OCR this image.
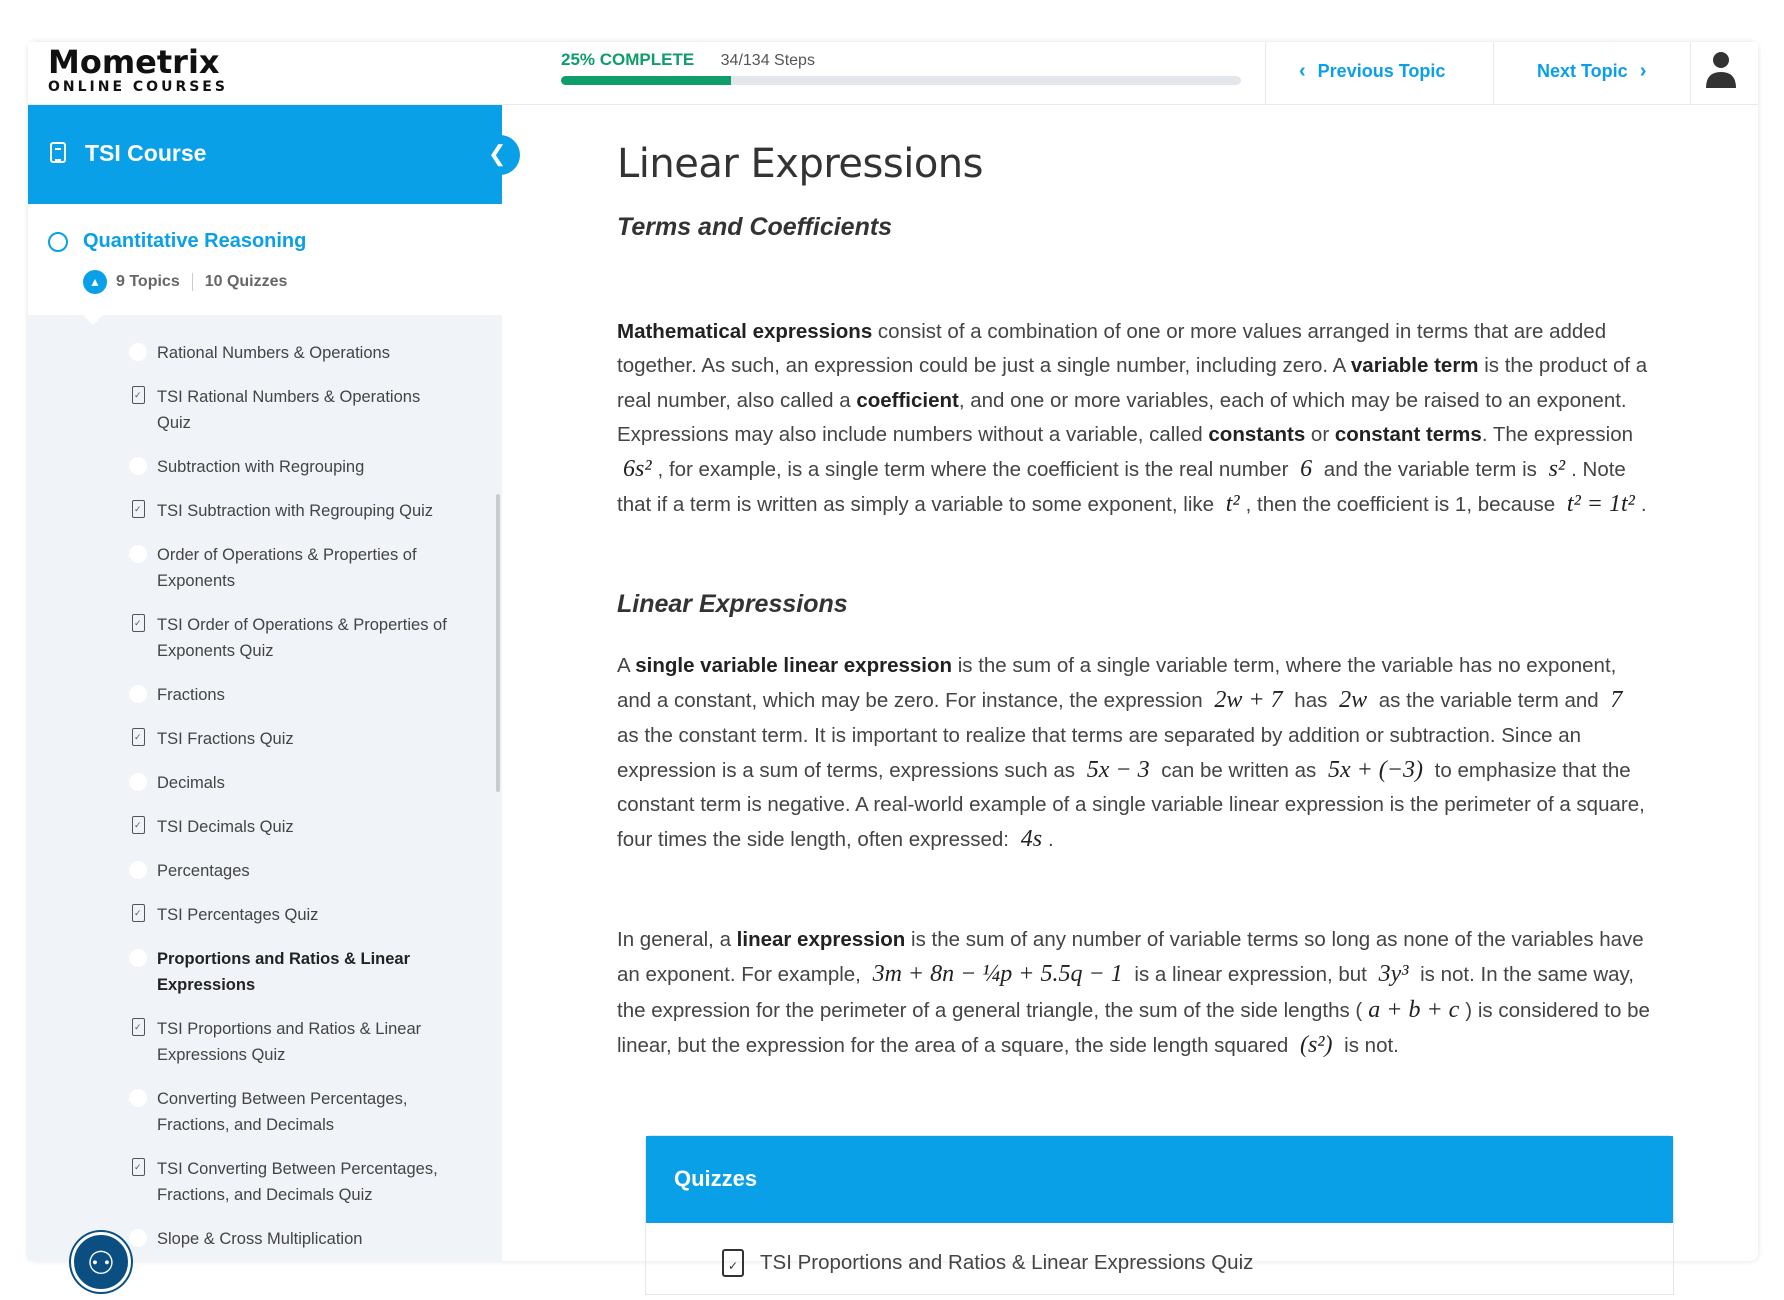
Mometrix
ONLINE COURSES
25% COMPLETE 34/134 Steps	‹ Previous Topic	Next Topic ›
TSI Course	❮
Quantitative Reasoning
▲ 9 Topics 10 Quizzes
Rational Numbers & Operations
✓
TSI Rational Numbers & Operations Quiz
Subtraction with Regrouping
✓
TSI Subtraction with Regrouping Quiz
Order of Operations & Properties of Exponents
✓
TSI Order of Operations & Properties of Exponents Quiz
Fractions
✓
TSI Fractions Quiz
Decimals
✓
TSI Decimals Quiz
Percentages
✓
TSI Percentages Quiz
Proportions and Ratios & Linear Expressions
✓
TSI Proportions and Ratios & Linear Expressions Quiz
Converting Between Percentages, Fractions, and Decimals
✓
TSI Converting Between Percentages, Fractions, and Decimals Quiz
Slope & Cross Multiplication
⚇
Linear Expressions
Terms and Coefficients
Mathematical expressions consist of a combination of one or more values arranged in terms that are added together. As such, an expression could be just a single number, including zero. A variable term is the product of a real number, also called a coefficient, and one or more variables, each of which may be raised to an exponent. Expressions may also include numbers without a variable, called constants or constant terms. The expression 6s² , for example, is a single term where the coefficient is the real number 6 and the variable term is s² . Note that if a term is written as simply a variable to some exponent, like t² , then the coefficient is 1, because t² = 1t² .
Linear Expressions
A single variable linear expression is the sum of a single variable term, where the variable has no exponent, and a constant, which may be zero. For instance, the expression 2w + 7 has 2w as the variable term and 7 as the constant term. It is important to realize that terms are separated by addition or subtraction. Since an expression is a sum of terms, expressions such as 5x − 3 can be written as 5x + (−3) to emphasize that the constant term is negative. A real-world example of a single variable linear expression is the perimeter of a square, four times the side length, often expressed: 4s .
In general, a linear expression is the sum of any number of variable terms so long as none of the variables have an exponent. For example, 3m + 8n − ¼p + 5.5q − 1 is a linear expression, but 3y³ is not. In the same way, the expression for the perimeter of a general triangle, the sum of the side lengths ( a + b + c ) is considered to be linear, but the expression for the area of a square, the side length squared (s²) is not.
Quizzes
✓
TSI Proportions and Ratios & Linear Expressions Quiz
